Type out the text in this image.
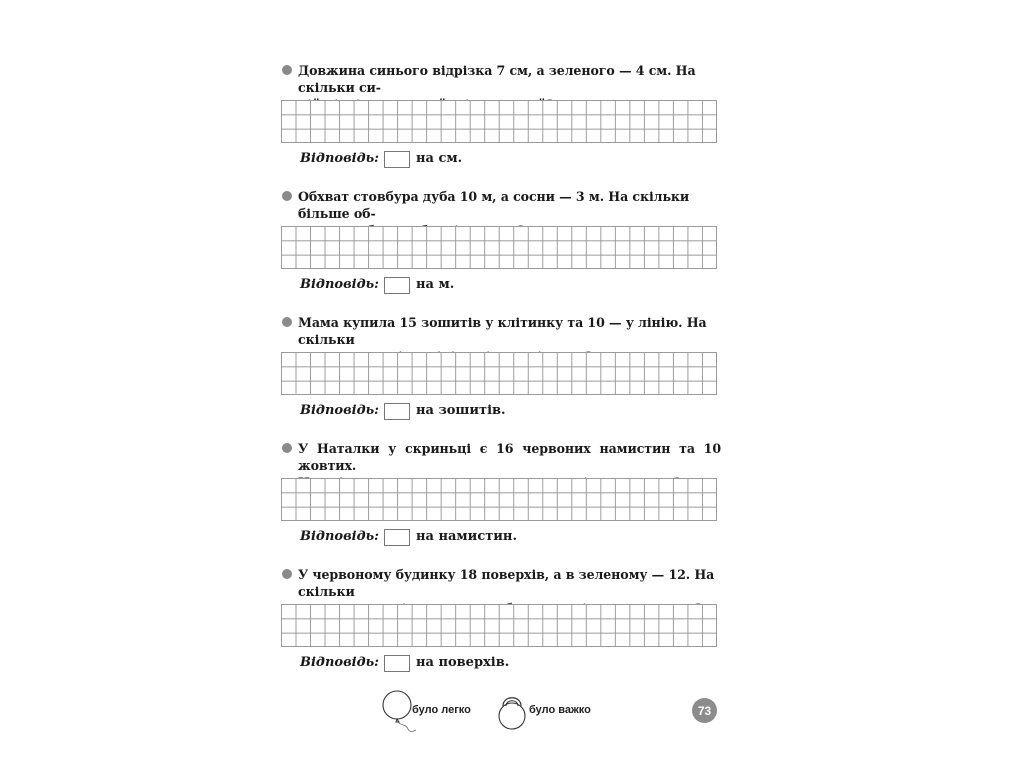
Довжина синього відрізка 7 см, а зеленого — 4 см. На скільки си-
Відповідь:	на см.
Обхват стовбура дуба 10 м, а сосни — 3 м. На скільки більше об-
Відповідь:	на м.
Мама купила 15 зошитів у клітинку та 10 — у лінію. На скільки
Відповідь:	на зошитів.
У Наталки у скриньці є 16 червоних намистин та 10 жовтих.
Відповідь:	на намистин.
У червоному будинку 18 поверхів, а в зеленому — 12. На скільки
Відповідь:	на поверхів.
було легко	було важко	73
